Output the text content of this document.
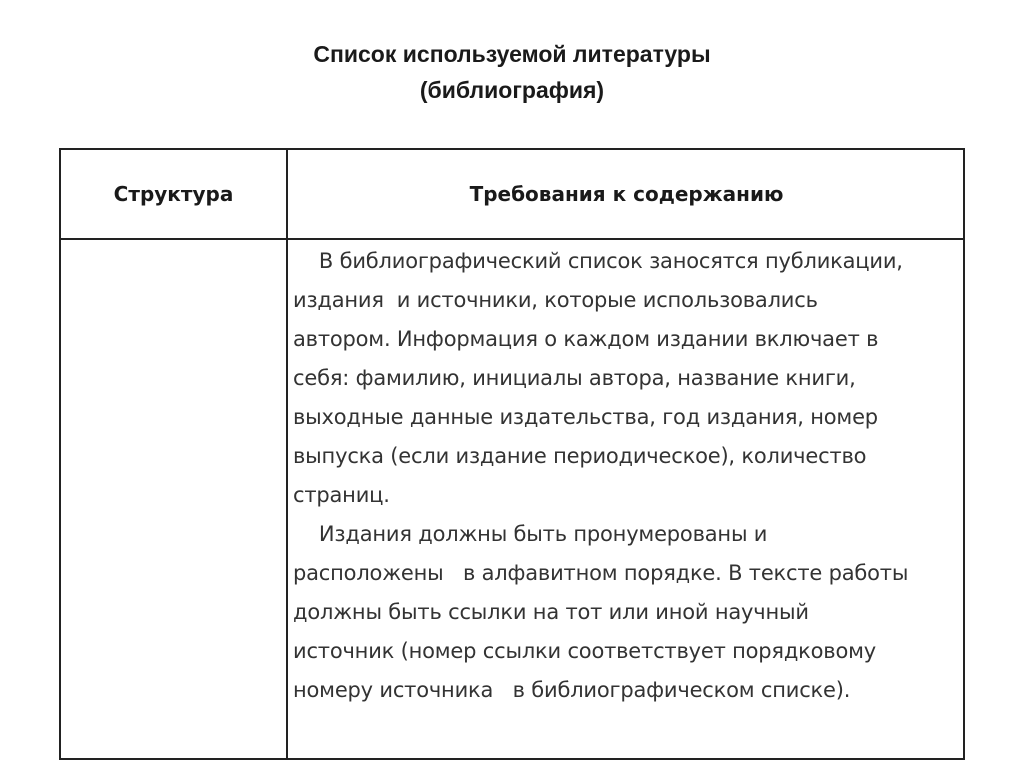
Список используемой литературы
(библиография)
Структура	Требования к содержанию
В библиографический список заносятся публикации,
издания  и источники, которые использовались
автором. Информация о каждом издании включает в
себя: фамилию, инициалы автора, название книги,
выходные данные издательства, год издания, номер
выпуска (если издание периодическое), количество
страниц.
Издания должны быть пронумерованы и
расположены   в алфавитном порядке. В тексте работы
должны быть ссылки на тот или иной научный
источник (номер ссылки соответствует порядковому
номеру источника   в библиографическом списке).
